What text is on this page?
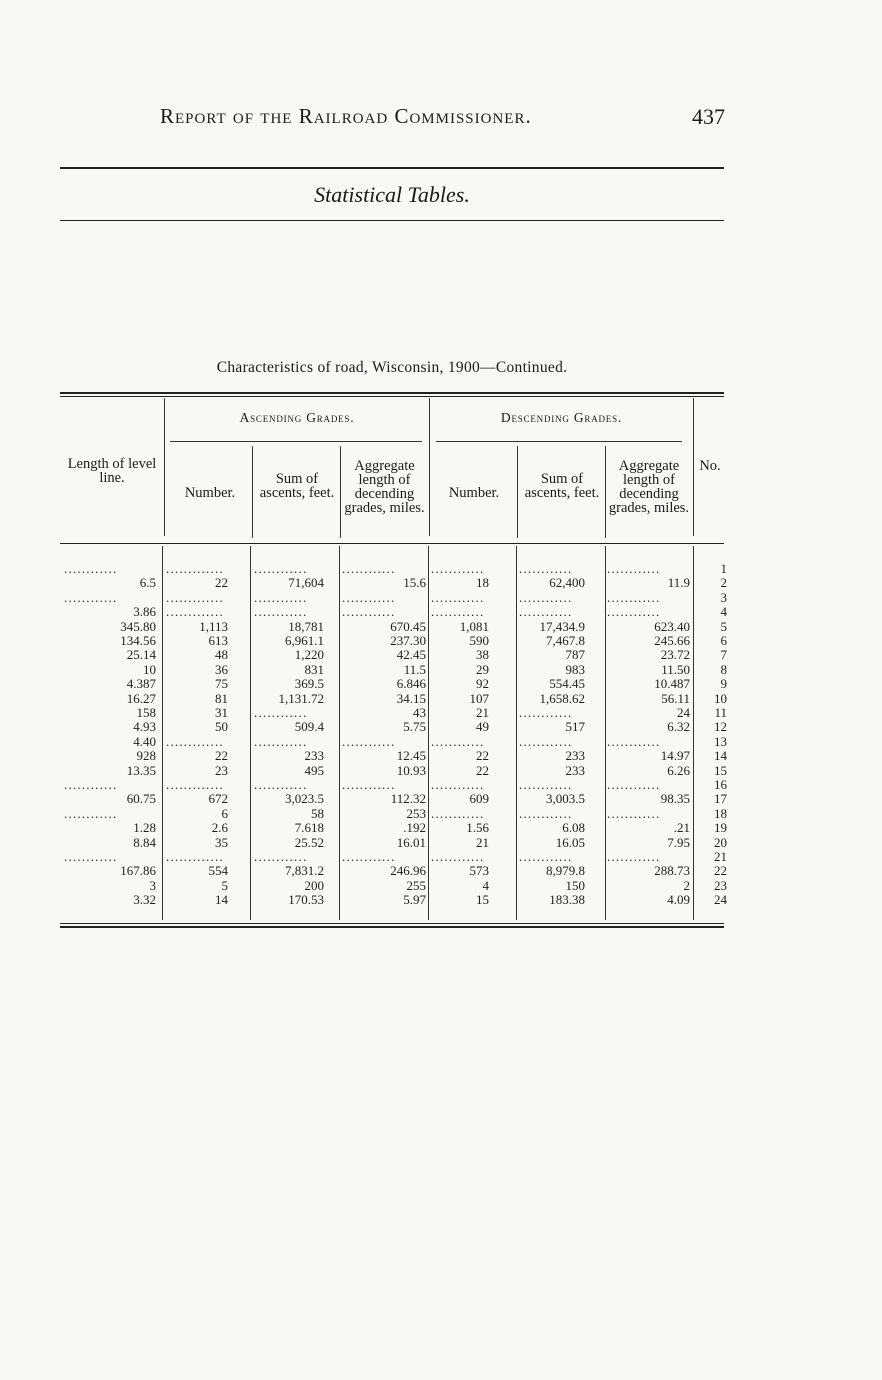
Report of the Railroad Commissioner.	437
Statistical Tables.
Characteristics of road, Wisconsin, 1900—Continued.
Ascending Grades.	Descending Grades.
Length of level line.
Number.
Sum of ascents, feet.
Aggregate length of decending grades, miles.
Number.
Sum of ascents, feet.
Aggregate length of decending grades, miles.
No.
............	.............	............	............	............	............	............	1
6.5	22	71,604	15.6	18	62,400	11.9	2
............	.............	............	............	............	............	............	3
3.86 .............	............	............	............	............	............	4
345.80	1,113	18,781	670.45	1,081	17,434.9	623.40	5
134.56	613	6,961.1	237.30	590	7,467.8	245.66	6
25.14	48	1,220	42.45	38	787	23.72	7
10	36	831	11.5	29	983	11.50	8
4.387	75	369.5	6.846	92	554.45	10.487	9
16.27	81	1,131.72	34.15	107	1,658.62	56.11	10
158	31 ............	43	21 ............	24	11
4.93	50	509.4	5.75	49	517	6.32	12
4.40 .............	............	............	............	............	............	13
928	22	233	12.45	22	233	14.97	14
13.35	23	495	10.93	22	233	6.26	15
............	.............	............	............	............	............	............	16
60.75	672	3,023.5	112.32	609	3,003.5	98.35	17
............	6	58	253 ............	............	............	18
1.28	2.6	7.618	.192	1.56	6.08	.21	19
8.84	35	25.52	16.01	21	16.05	7.95	20
............	.............	............	............	............	............	............	21
167.86	554	7,831.2	246.96	573	8,979.8	288.73	22
3	5	200	255	4	150	2	23
3.32	14	170.53	5.97	15	183.38	4.09	24
